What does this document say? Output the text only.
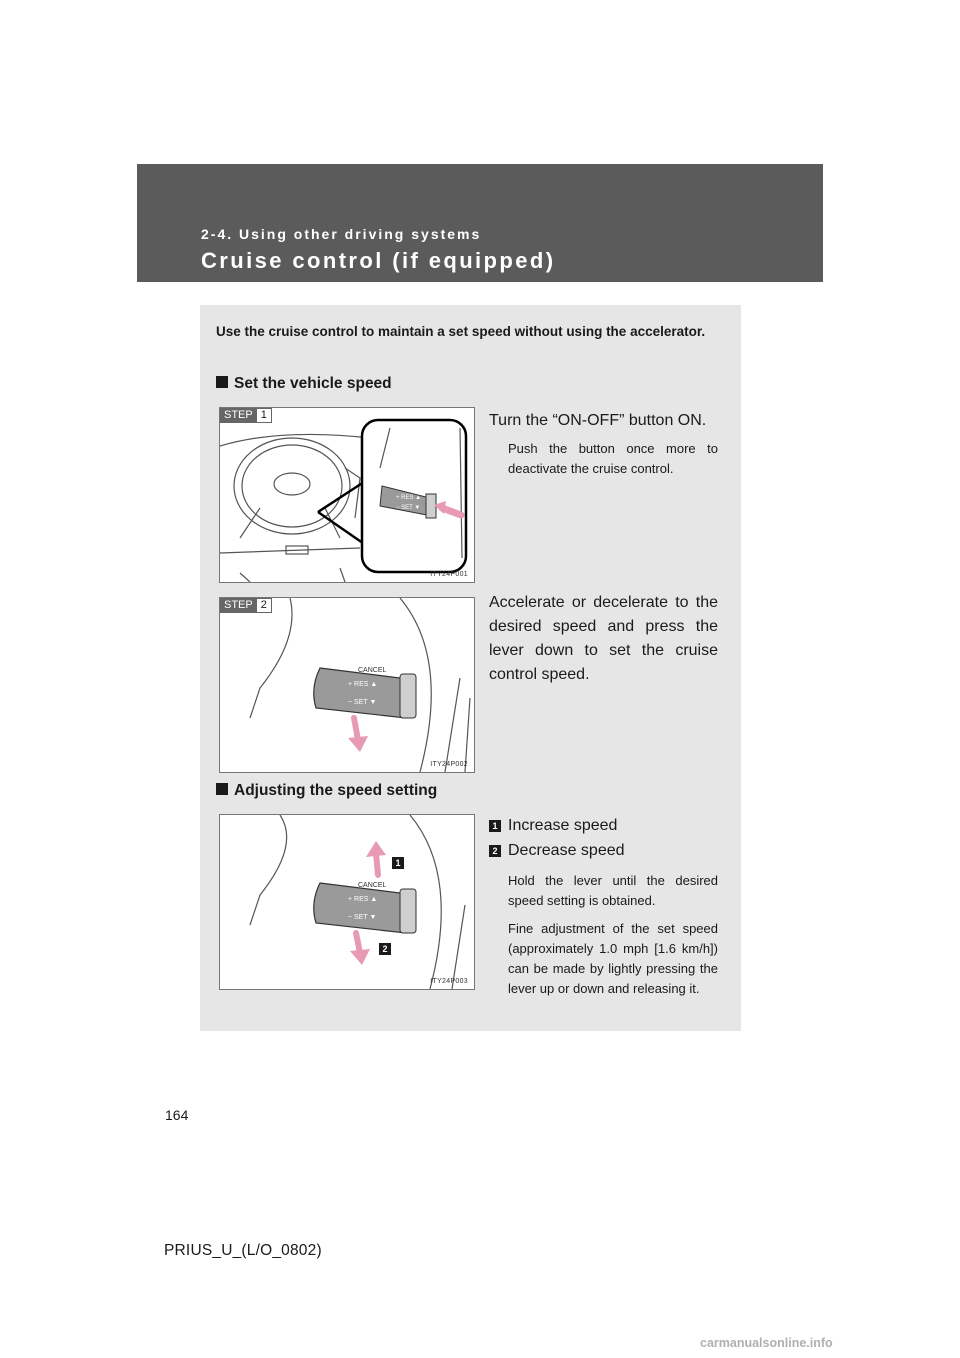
2-4. Using other driving systems
Cruise control (if equipped)
Use the cruise control to maintain a set speed without using the accelerator.
Set the vehicle speed
+ RES ▲
− SET ▼
STEP 1
ITY24P001
Turn the “ON-OFF” button ON.
Push the button once more to deactivate the cruise control.
CANCEL
+ RES ▲
− SET ▼
STEP 2
ITY24P002
Accelerate or decelerate to the desired speed and press the lever down to set the cruise control speed.
Adjusting the speed setting
CANCEL
+ RES ▲
− SET ▼
ITY24P003
1
2
1 Increase speed
2 Decrease speed
Hold the lever until the desired speed setting is obtained.
Fine adjustment of the set speed (approximately 1.0 mph [1.6 km/h]) can be made by lightly pressing the lever up or down and releasing it.
164
PRIUS_U_(L/O_0802)
carmanualsonline.info
